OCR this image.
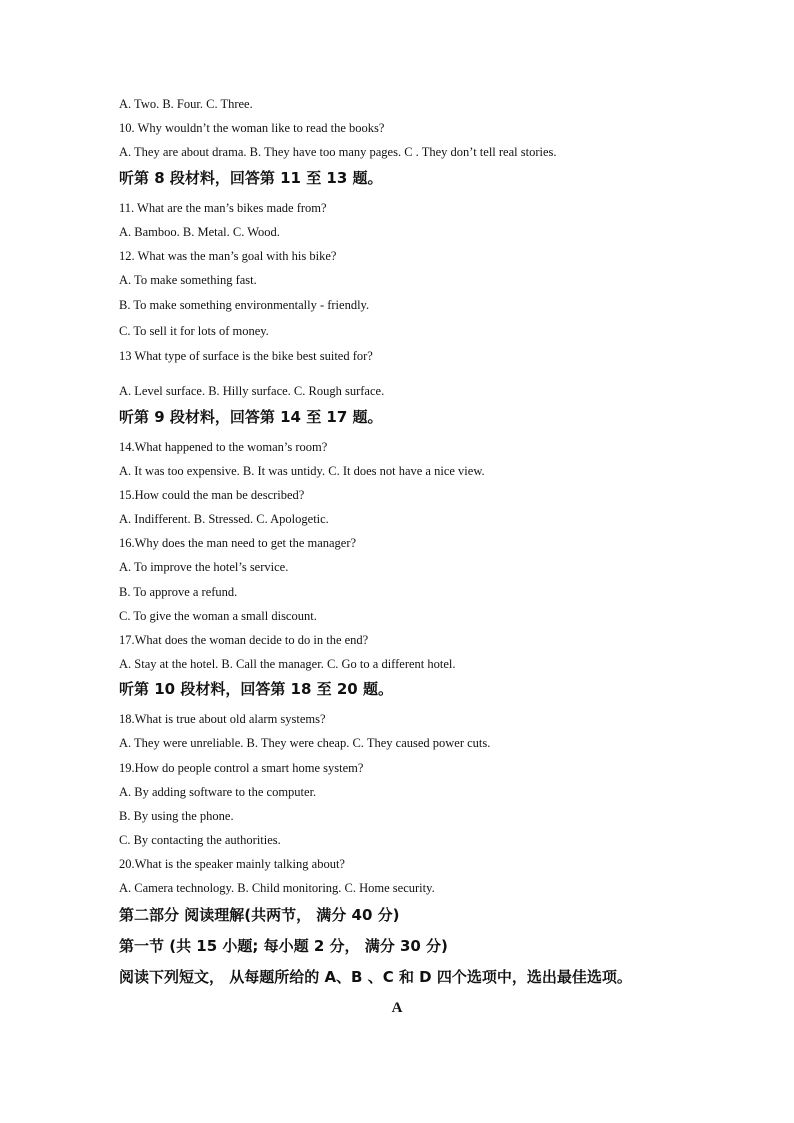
A. Two. B. Four. C. Three.
10. Why wouldn’t the woman like to read the books?
A. They are about drama. B. They have too many pages. C . They don’t tell real stories.
听第 8 段材料，回答第 11 至 13 题。
11. What are the man’s bikes made from?
A. Bamboo. B. Metal. C. Wood.
12. What was the man’s goal with his bike?
A. To make something fast.
B. To make something environmentally - friendly.
C. To sell it for lots of money.
13 What type of surface is the bike best suited for?
A. Level surface. B. Hilly surface. C. Rough surface.
听第 9 段材料，回答第 14 至 17 题。
14.What happened to the woman’s room?
A. It was too expensive. B. It was untidy. C. It does not have a nice view.
15.How could the man be described?
A. Indifferent. B. Stressed. C. Apologetic.
16.Why does the man need to get the manager?
A. To improve the hotel’s service.
B. To approve a refund.
C. To give the woman a small discount.
17.What does the woman decide to do in the end?
A. Stay at the hotel. B. Call the manager. C. Go to a different hotel.
听第 10 段材料，回答第 18 至 20 题。
18.What is true about old alarm systems?
A. They were unreliable. B. They were cheap. C. They caused power cuts.
19.How do people control a smart home system?
A. By adding software to the computer.
B. By using the phone.
C. By contacting the authorities.
20.What is the speaker mainly talking about?
A. Camera technology. B. Child monitoring. C. Home security.
第二部分 阅读理解(共两节， 满分 40 分)
第一节 (共 15 小题; 每小题 2 分， 满分 30 分)
阅读下列短文， 从每题所给的 A、B 、C 和 D 四个选项中，选出最佳选项。
A
